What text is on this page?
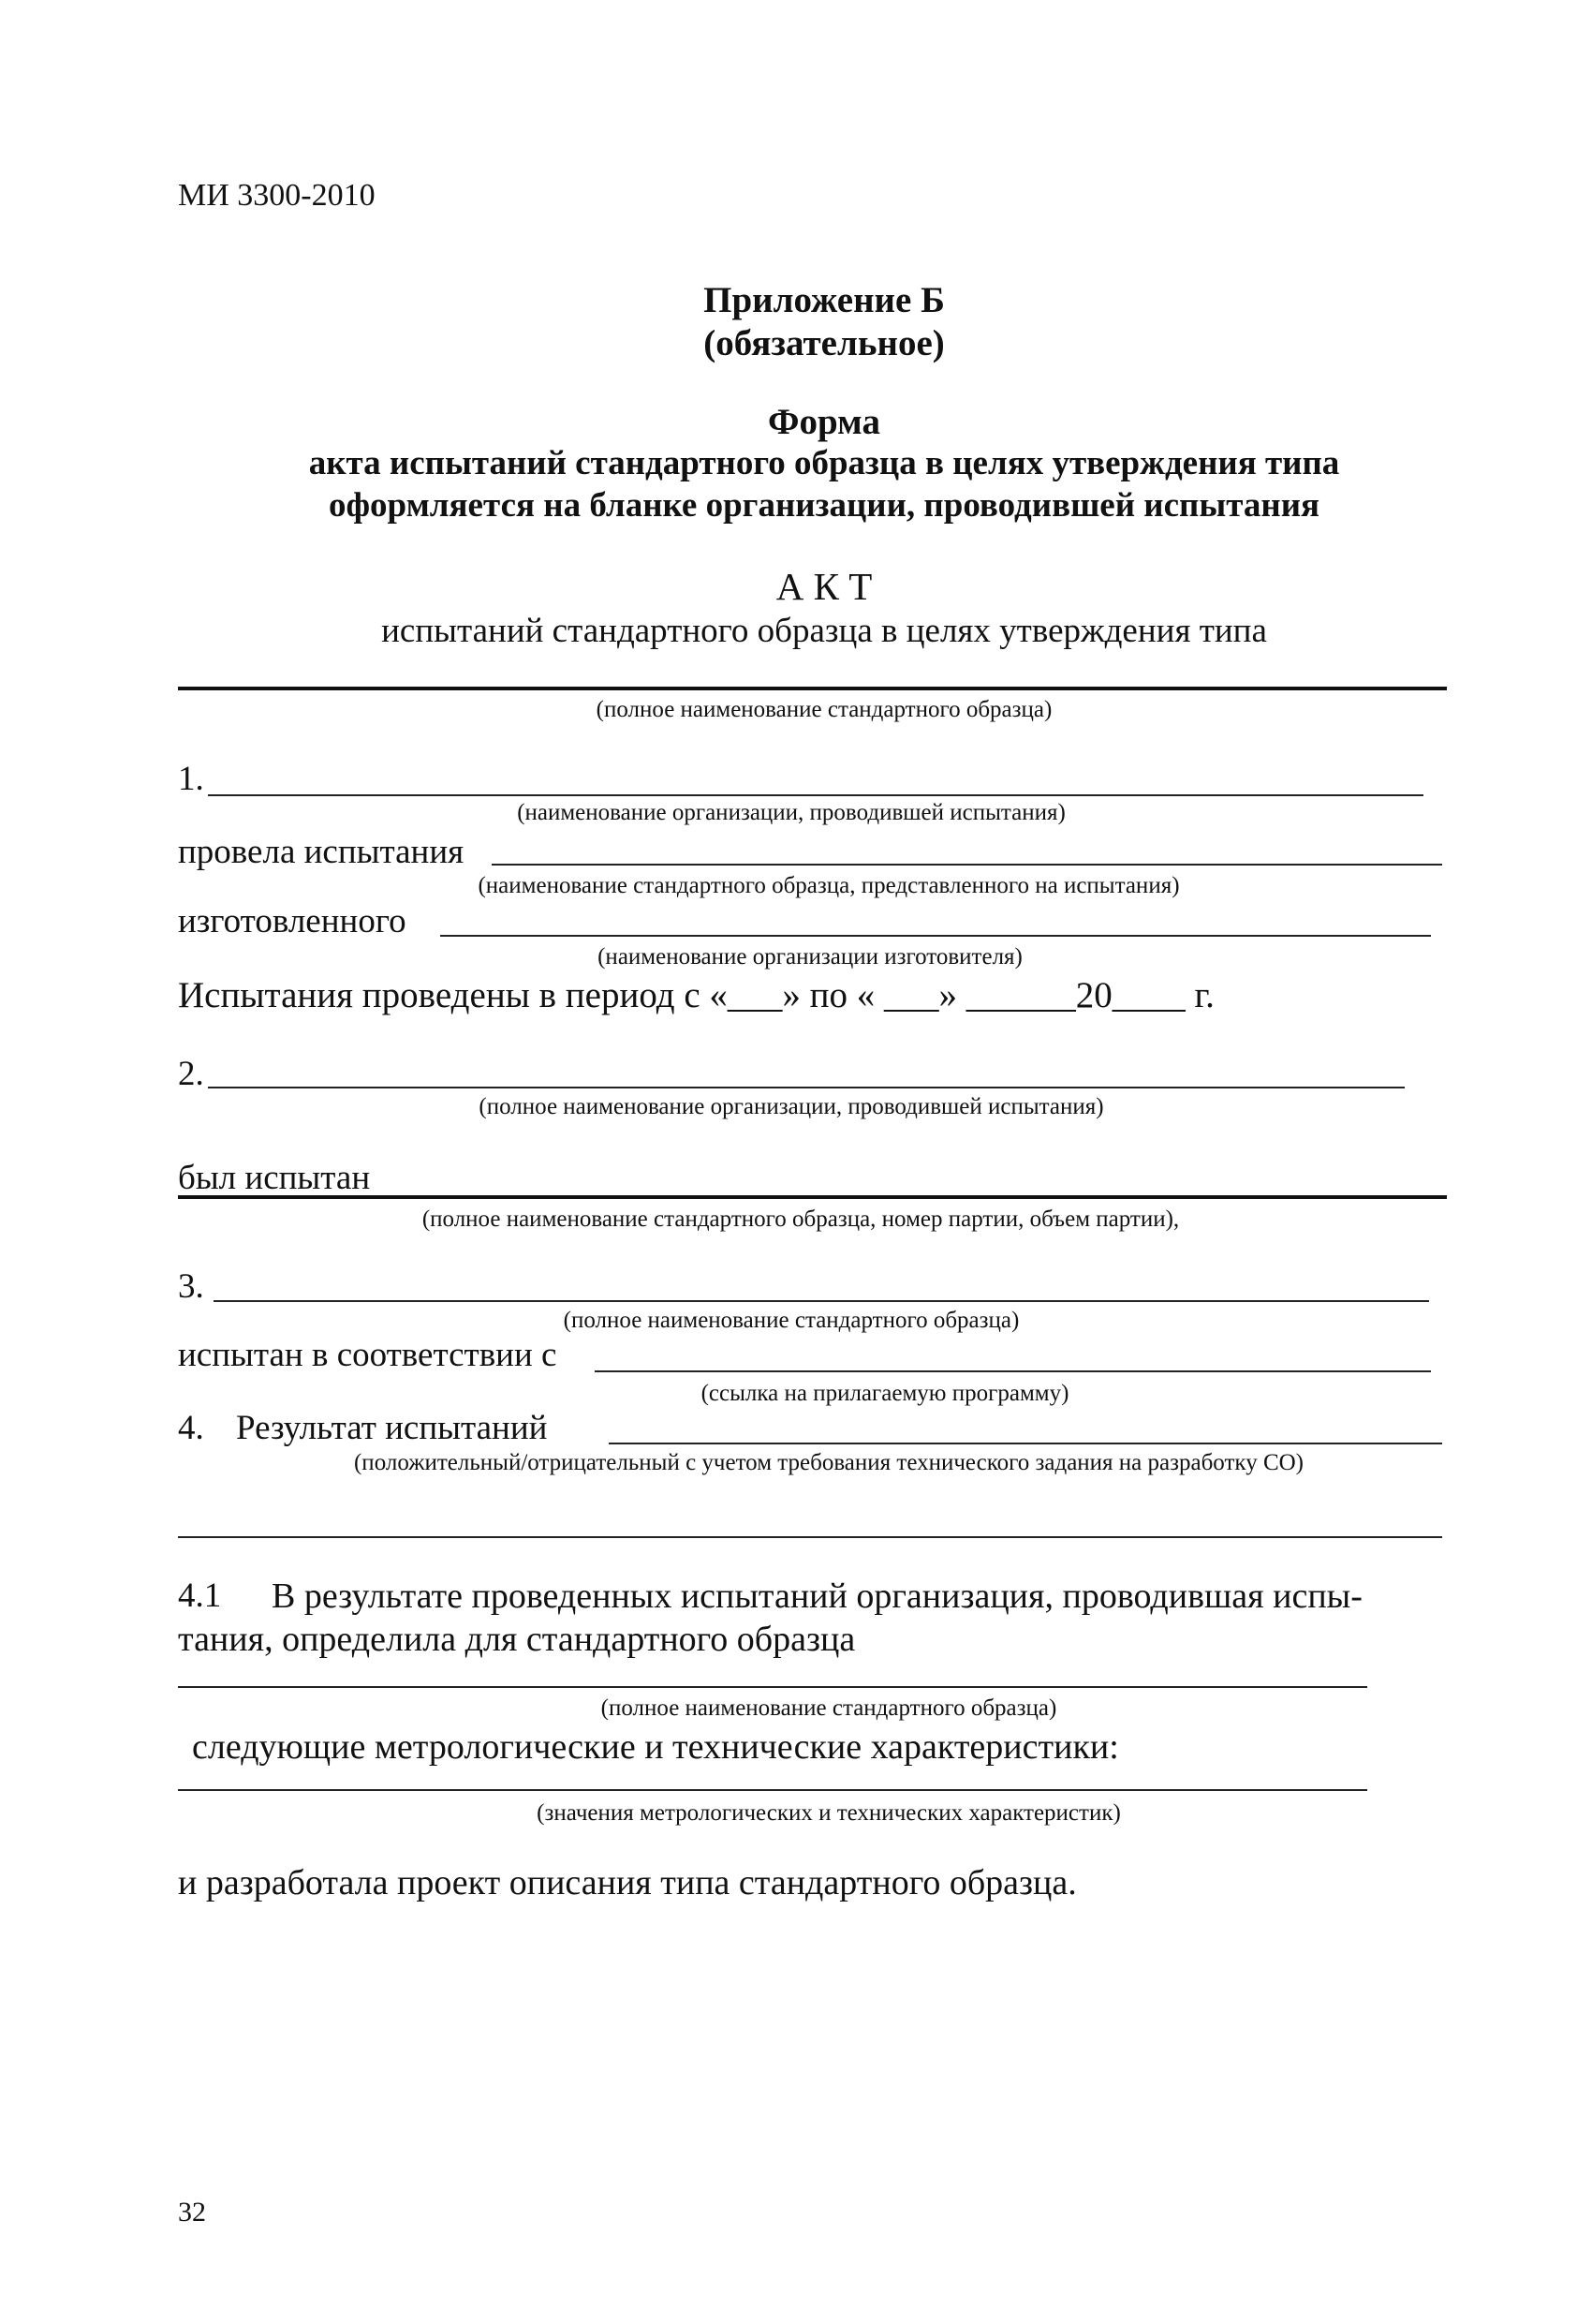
МИ 3300-2010
Приложение Б
(обязательное)
Форма
акта испытаний стандартного образца в целях утверждения типа
оформляется на бланке организации, проводившей испытания
А К Т
испытаний стандартного образца в целях утверждения типа
(полное наименование стандартного образца)
1.
(наименование организации, проводившей испытания)
провела испытания
(наименование стандартного образца, представленного на испытания)
изготовленного
(наименование организации изготовителя)
Испытания проведены в период с «___» по « ___» ______20____ г.
2.
(полное наименование организации, проводившей испытания)
был испытан
(полное наименование стандартного образца, номер партии, объем партии),
3.
(полное наименование стандартного образца)
испытан в соответствии с
(ссылка на прилагаемую программу)
4. Результат испытаний
(положительный/отрицательный с учетом требования технического задания на разработку СО)
4.1 В результате проведенных испытаний организация, проводившая испы-
тания, определила для стандартного образца
(полное наименование стандартного образца)
следующие метрологические и технические характеристики:
(значения метрологических и технических характеристик)
и разработала проект описания типа стандартного образца.
32
